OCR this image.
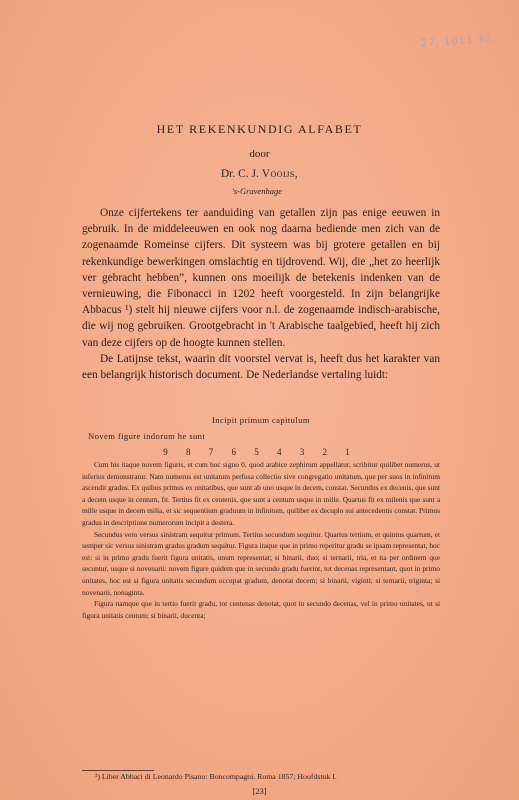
27, 1011.32.
HET REKENKUNDIG ALFABET
door
Dr. C. J. Vooijs,
's-Gravenhage

Onze cijfertekens ter aanduiding van getallen zijn pas enige eeuwen in gebruik. In de middeleeuwen en ook nog daarna bediende men zich van de zogenaamde Romeinse cijfers. Dit systeem was bij grotere getallen en bij rekenkundige bewerkingen omslachtig en tijdrovend. Wij, die „het zo heerlijk ver gebracht hebben”, kunnen ons moeilijk de betekenis indenken van de vernieuwing, die Fibonacci in 1202 heeft voorgesteld. In zijn belangrijke Abbacus ¹) stelt hij nieuwe cijfers voor n.l. de zogenaamde indisch-arabische, die wij nog gebruiken. Grootgebracht in 't Arabische taalgebied, heeft hij zich van deze cijfers op de hoogte kunnen stellen.

De Latijnse tekst, waarin dit voorstel vervat is, heeft dus het karakter van een belangrijk historisch document. De Nederlandse vertaling luidt:

Incipit primum capitulum
Novem figure indorum he sunt
9 8 7 6 5 4 3 2 1

Cum his itaque novem figuris, et cum hoc signo 0, quod arabice zephirum appellatur, scribitur quilibet numerus, ut inferius demonstratur. Nam numerus est unitatum perfusa collectio sive congregatio unitatum, que per suos in infinitum ascendit gradus. Ex quibus primus ex unitatibus, que sunt ab uno usque in decem, constat. Secundus ex decenis, que sunt a decem usque in centum, fit. Tertius fit ex centenis, que sunt a centum usque in mille. Quartus fit ex milenis que sunt a mille usque in decem milia, et sic sequentium graduum in infinitum, quilibet ex decuplo sui antecedentis constat. Primus gradus in descriptione numerorum incipit a destera.

Secundus vero versus sinistram sequitur primum. Tertius secundum sequitur. Quartus tertium, et quintus quartum, et semper sic versus sinistram gradus gradum sequitur. Figura itaque que in primo reperitur gradu se ipsam representat, hoc est: si in primo gradu fuerit figura unitatis, unum representat; si binarii, duo; si ternarii, tria, et ita per ordinem que secuntur, usque si novenarii: novem figure quidem que in secundo gradu fuerint, tot decenas representant, quot in primo unitates, hoc est si figura unitatis secundum occupat gradum, denotat decem; si binarii, viginti; si ternarii, triginta; si novenarii, nonaginta.

Figura namque que in tertio fuerit gradu, tot centenas denotat, quot in secundo decenas, vel in primo unitates, ut si figura unitatis centum; si binarii, ducenta;

¹) Liber Abbaci di Leonardo Pisano: Boncompagni. Roma 1857; Hoofdstuk I.
[23]
